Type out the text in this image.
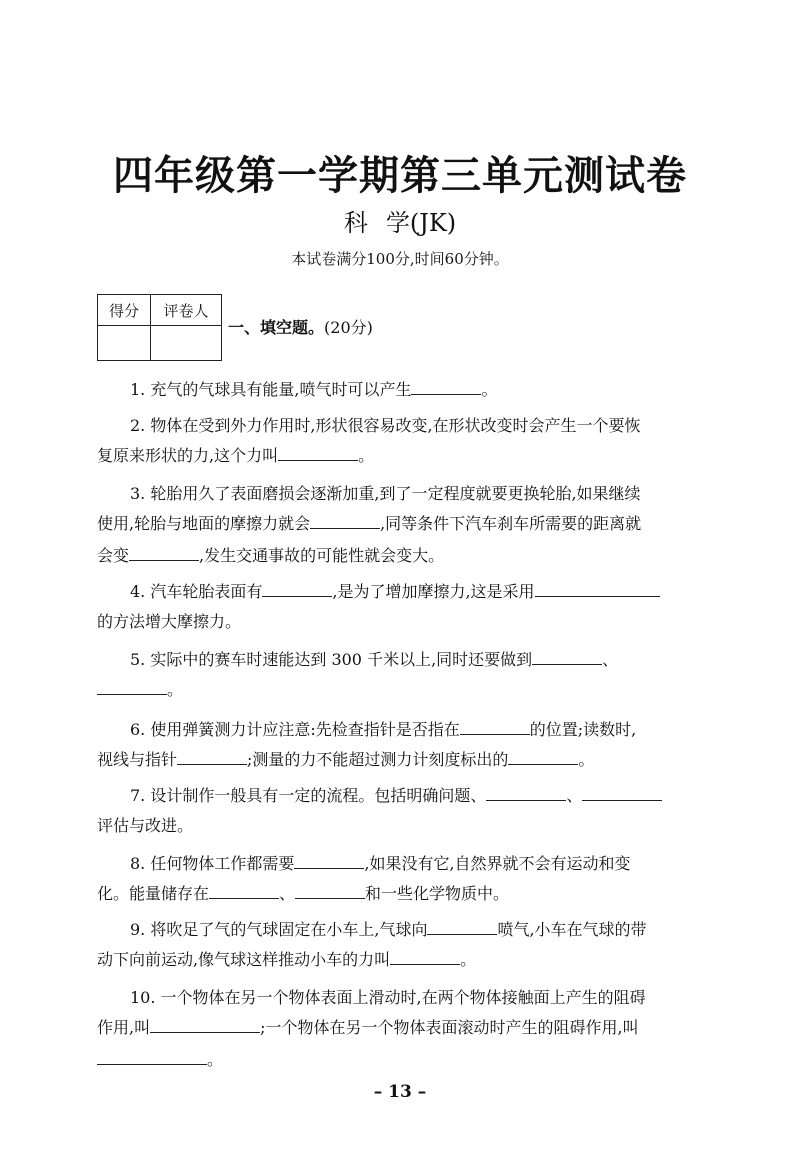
四年级第一学期第三单元测试卷
科学(JK)
本试卷满分100分,时间60分钟。
得分	评卷人

一、填空题。(20分)
1. 充气的气球具有能量,喷气时可以产生	。
2. 物体在受到外力作用时,形状很容易改变,在形状改变时会产生一个要恢
复原来形状的力,这个力叫	。
3. 轮胎用久了表面磨损会逐渐加重,到了一定程度就要更换轮胎,如果继续
使用,轮胎与地面的摩擦力就会	,同等条件下汽车刹车所需要的距离就
会变	,发生交通事故的可能性就会变大。
4. 汽车轮胎表面有	,是为了增加摩擦力,这是采用
的方法增大摩擦力。
5. 实际中的赛车时速能达到 300 千米以上,同时还要做到	、
。
6. 使用弹簧测力计应注意:先检查指针是否指在	的位置;读数时,
视线与指针	;测量的力不能超过测力计刻度标出的	。
7. 设计制作一般具有一定的流程。包括明确问题、	、
评估与改进。
8. 任何物体工作都需要	,如果没有它,自然界就不会有运动和变
化。能量储存在	、	和一些化学物质中。
9. 将吹足了气的气球固定在小车上,气球向	喷气,小车在气球的带
动下向前运动,像气球这样推动小车的力叫	。
10. 一个物体在另一个物体表面上滑动时,在两个物体接触面上产生的阻碍
作用,叫	;一个物体在另一个物体表面滚动时产生的阻碍作用,叫
。
– 13 –
